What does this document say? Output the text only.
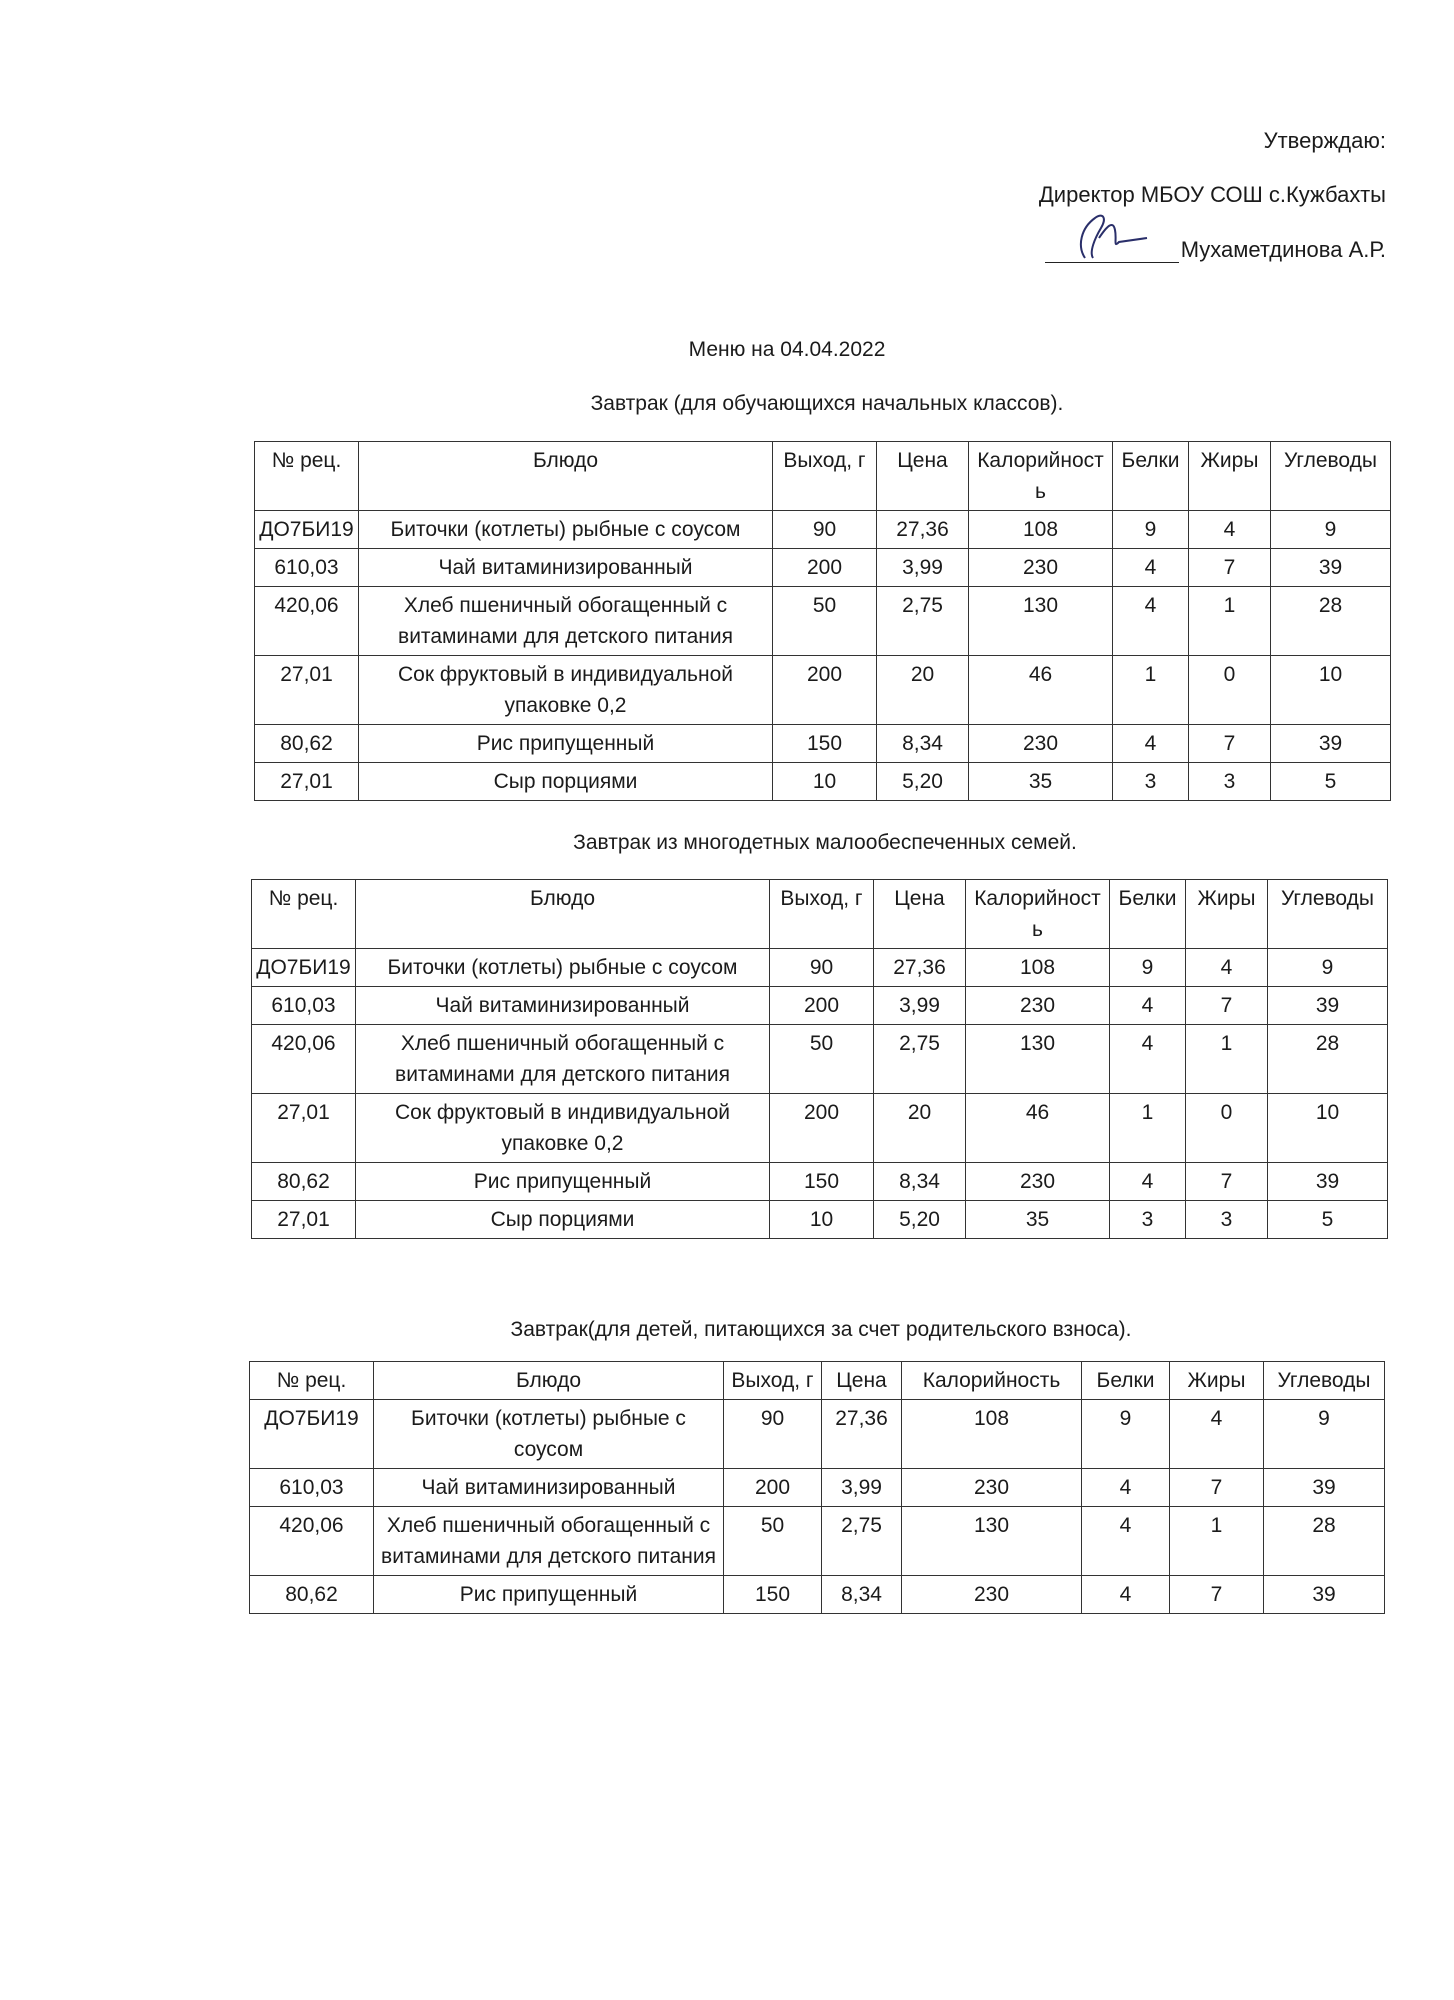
Утверждаю:
Директор МБОУ СОШ с.Кужбахты
Мухаметдинова А.Р.
Меню на 04.04.2022
Завтрак (для обучающихся начальных классов).
№ рец.	Блюдо	Выход, г	Цена	Калорийность	Белки	Жиры	Углеводы
ДО7БИ19	Биточки (котлеты) рыбные с соусом	90	27,36	108	9	4	9
610,03	Чай витаминизированный	200	3,99	230	4	7	39
420,06	Хлеб пшеничный обогащенный с витаминами для детского питания	50	2,75	130	4	1	28
27,01	Сок фруктовый в индивидуальной упаковке 0,2	200	20	46	1	0	10
80,62	Рис припущенный	150	8,34	230	4	7	39
27,01	Сыр порциями	10	5,20	35	3	3	5
Завтрак из многодетных малообеспеченных семей.
№ рец.	Блюдо	Выход, г	Цена	Калорийность	Белки	Жиры	Углеводы
ДО7БИ19	Биточки (котлеты) рыбные с соусом	90	27,36	108	9	4	9
610,03	Чай витаминизированный	200	3,99	230	4	7	39
420,06	Хлеб пшеничный обогащенный с витаминами для детского питания	50	2,75	130	4	1	28
27,01	Сок фруктовый в индивидуальной упаковке 0,2	200	20	46	1	0	10
80,62	Рис припущенный	150	8,34	230	4	7	39
27,01	Сыр порциями	10	5,20	35	3	3	5
Завтрак(для детей, питающихся за счет родительского взноса).
№ рец.	Блюдо	Выход, г	Цена	Калорийность	Белки	Жиры	Углеводы
ДО7БИ19	Биточки (котлеты) рыбные с соусом	90	27,36	108	9	4	9
610,03	Чай витаминизированный	200	3,99	230	4	7	39
420,06	Хлеб пшеничный обогащенный с витаминами для детского питания	50	2,75	130	4	1	28
80,62	Рис припущенный	150	8,34	230	4	7	39
